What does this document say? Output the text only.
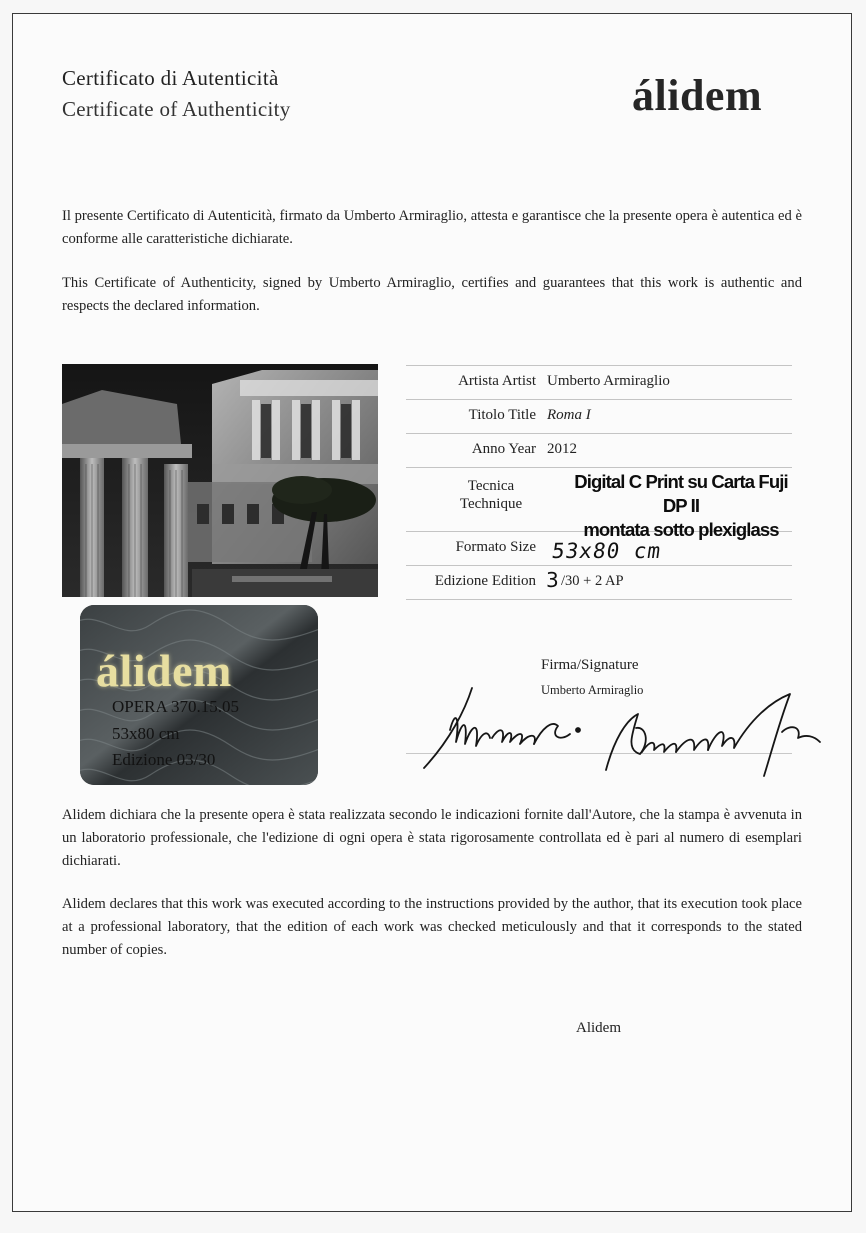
Certificato di Autenticità
Certificate of Authenticity	álidem

Il presente Certificato di Autenticità, firmato da Umberto Armiraglio, attesta e garantisce che la presente opera è autentica ed è conforme alle caratteristiche dichiarate.

This Certificate of Authenticity, signed by Umberto Armiraglio, certifies and guarantees that this work is authentic and respects the declared information.

álidem
OPERA 370.15.05
53x80 cm
Edizione 03/30
Artista Artist Umberto Armiraglio
Titolo Title Roma I
Anno Year 2012
Tecnica
Technique
Digital C Print su Carta Fuji DP II
montata sotto plexiglass
Formato Size 53x80 cm
Edizione Edition 3 /30 + 2 AP
Firma/Signature
Umberto Armiraglio

Alidem dichiara che la presente opera è stata realizzata secondo le indicazioni fornite dall'Autore, che la stampa è avvenuta in un laboratorio professionale, che l'edizione di ogni opera è stata rigorosamente controllata ed è pari al numero di esemplari dichiarati.

Alidem declares that this work was executed according to the instructions provided by the author, that its execution took place at a professional laboratory, that the edition of each work was checked meticulously and that it corresponds to the stated number of copies.

Alidem
